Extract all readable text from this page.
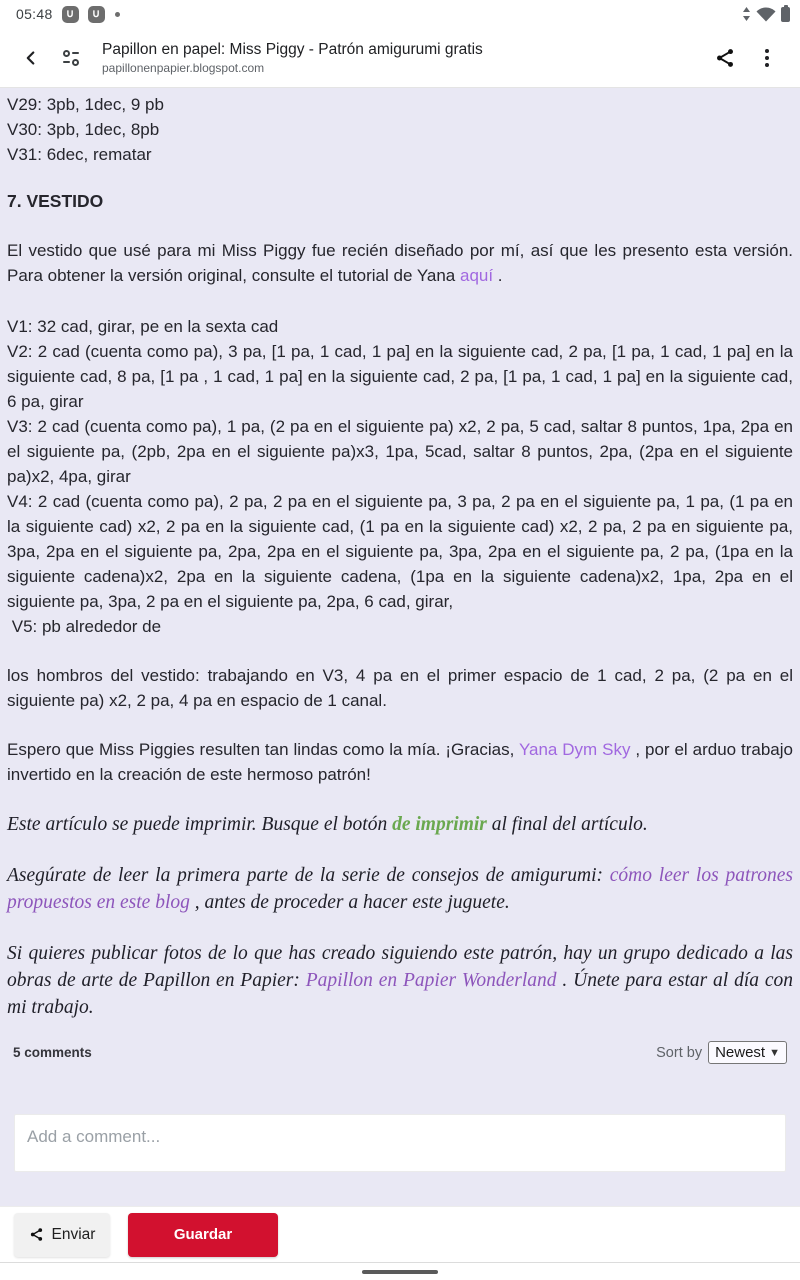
05:48	∪	∪
Papillon en papel: Miss Piggy - Patrón amigurumi gratis
papillonenpapier.blogspot.com
V29: 3pb, 1dec, 9 pb
V30: 3pb, 1dec, 8pb
V31: 6dec, rematar
7. VESTIDO

El vestido que usé para mi Miss Piggy fue recién diseñado por mí, así que les presento esta versión. Para obtener la versión original, consulte el tutorial de Yana aquí .

V1: 32 cad, girar, pe en la sexta cad
V2: 2 cad (cuenta como pa), 3 pa, [1 pa, 1 cad, 1 pa] en la siguiente cad, 2 pa, [1 pa, 1 cad, 1 pa] en la siguiente cad, 8 pa, [1 pa , 1 cad, 1 pa] en la siguiente cad, 2 pa, [1 pa, 1 cad, 1 pa] en la siguiente cad, 6 pa, girar
V3: 2 cad (cuenta como pa), 1 pa, (2 pa en el siguiente pa) x2, 2 pa, 5 cad, saltar 8 puntos, 1pa, 2pa en el siguiente pa, (2pb, 2pa en el siguiente pa)x3, 1pa, 5cad, saltar 8 puntos, 2pa, (2pa en el siguiente pa)x2, 4pa, girar
V4: 2 cad (cuenta como pa), 2 pa, 2 pa en el siguiente pa, 3 pa, 2 pa en el siguiente pa, 1 pa, (1 pa en la siguiente cad) x2, 2 pa en la siguiente cad, (1 pa en la siguiente cad) x2, 2 pa, 2 pa en siguiente pa, 3pa, 2pa en el siguiente pa, 2pa, 2pa en el siguiente pa, 3pa, 2pa en el siguiente pa, 2 pa, (1pa en la siguiente cadena)x2, 2pa en la siguiente cadena, (1pa en la siguiente cadena)x2, 1pa, 2pa en el siguiente pa, 3pa, 2 pa en el siguiente pa, 2pa, 6 cad, girar,
V5: pb alrededor de

los hombros del vestido: trabajando en V3, 4 pa en el primer espacio de 1 cad, 2 pa, (2 pa en el siguiente pa) x2, 2 pa, 4 pa en espacio de 1 canal.

Espero que Miss Piggies resulten tan lindas como la mía. ¡Gracias, Yana Dym Sky , por el arduo trabajo invertido en la creación de este hermoso patrón!

Este artículo se puede imprimir. Busque el botón de imprimir al final del artículo.

Asegúrate de leer la primera parte de la serie de consejos de amigurumi: cómo leer los patrones propuestos en este blog , antes de proceder a hacer este juguete.

Si quieres publicar fotos de lo que has creado siguiendo este patrón, hay un grupo dedicado a las obras de arte de Papillon en Papier: Papillon en Papier Wonderland . Únete para estar al día con mi trabajo.

5 comments	Sort by Newest ▼
Add a comment...
Enviar	Guardar
